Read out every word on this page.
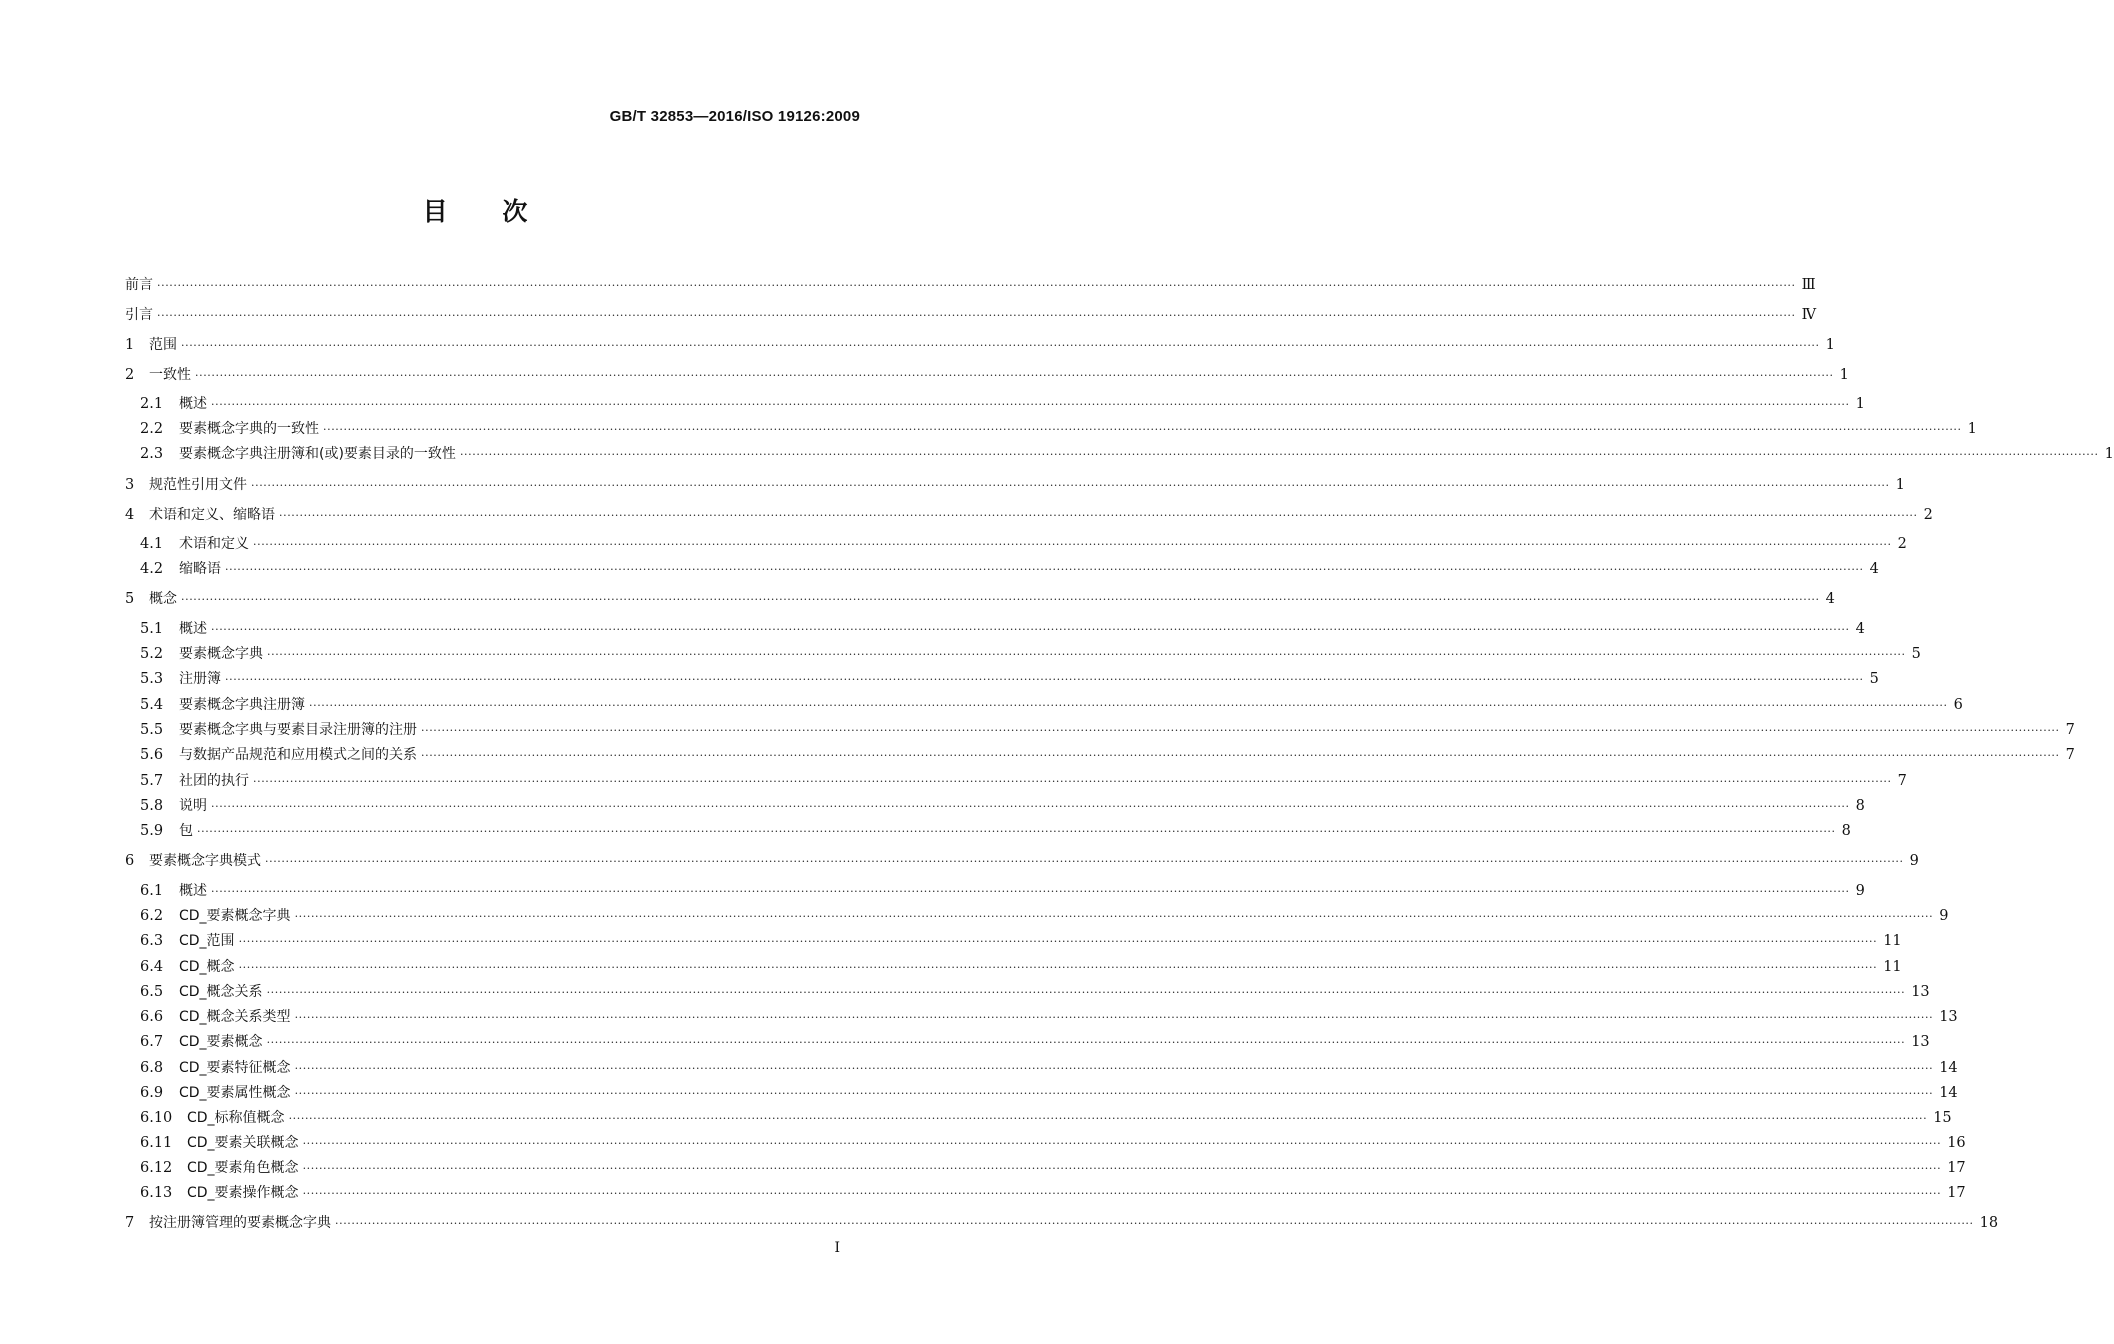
GB/T 32853—2016/ISO 19126:2009
目 次
前言 ················································································································································································································································································································································································································ Ⅲ
引言 ················································································································································································································································································································································································································ Ⅳ
1	范围 ················································································································································································································································································································································································································ 1
2	一致性 ················································································································································································································································································································································································································ 1
2.1	概述 ················································································································································································································································································································································································································ 1
2.2	要素概念字典的一致性 ················································································································································································································································································································································································································ 1
2.3	要素概念字典注册簿和(或)要素目录的一致性 ················································································································································································································································································································································································································ 1
3	规范性引用文件 ················································································································································································································································································································································································································ 1
4	术语和定义、缩略语 ················································································································································································································································································································································································································ 2
4.1	术语和定义 ················································································································································································································································································································································································································ 2
4.2	缩略语 ················································································································································································································································································································································································································ 4
5	概念 ················································································································································································································································································································································································································ 4
5.1	概述 ················································································································································································································································································································································································································ 4
5.2	要素概念字典 ················································································································································································································································································································································································································ 5
5.3	注册簿 ················································································································································································································································································································································································································ 5
5.4	要素概念字典注册簿 ················································································································································································································································································································································································································ 6
5.5	要素概念字典与要素目录注册簿的注册 ················································································································································································································································································································································································································ 7
5.6	与数据产品规范和应用模式之间的关系 ················································································································································································································································································································································································································ 7
5.7	社团的执行 ················································································································································································································································································································································································································ 7
5.8	说明 ················································································································································································································································································································································································································ 8
5.9	包 ················································································································································································································································································································································································································ 8
6	要素概念字典模式 ················································································································································································································································································································································································································ 9
6.1	概述 ················································································································································································································································································································································································································ 9
6.2	CD_要素概念字典 ················································································································································································································································································································································································································ 9
6.3	CD_范围 ················································································································································································································································································································································································································ 11
6.4	CD_概念 ················································································································································································································································································································································································································ 11
6.5	CD_概念关系 ················································································································································································································································································································································································································ 13
6.6	CD_概念关系类型 ················································································································································································································································································································································································································ 13
6.7	CD_要素概念 ················································································································································································································································································································································································································ 13
6.8	CD_要素特征概念 ················································································································································································································································································································································································································ 14
6.9	CD_要素属性概念 ················································································································································································································································································································································································································ 14
6.10	CD_标称值概念 ················································································································································································································································································································································································································ 15
6.11	CD_要素关联概念 ················································································································································································································································································································································································································ 16
6.12	CD_要素角色概念 ················································································································································································································································································································································································································ 17
6.13	CD_要素操作概念 ················································································································································································································································································································································································································ 17
7	按注册簿管理的要素概念字典 ················································································································································································································································································································································································································ 18
I
